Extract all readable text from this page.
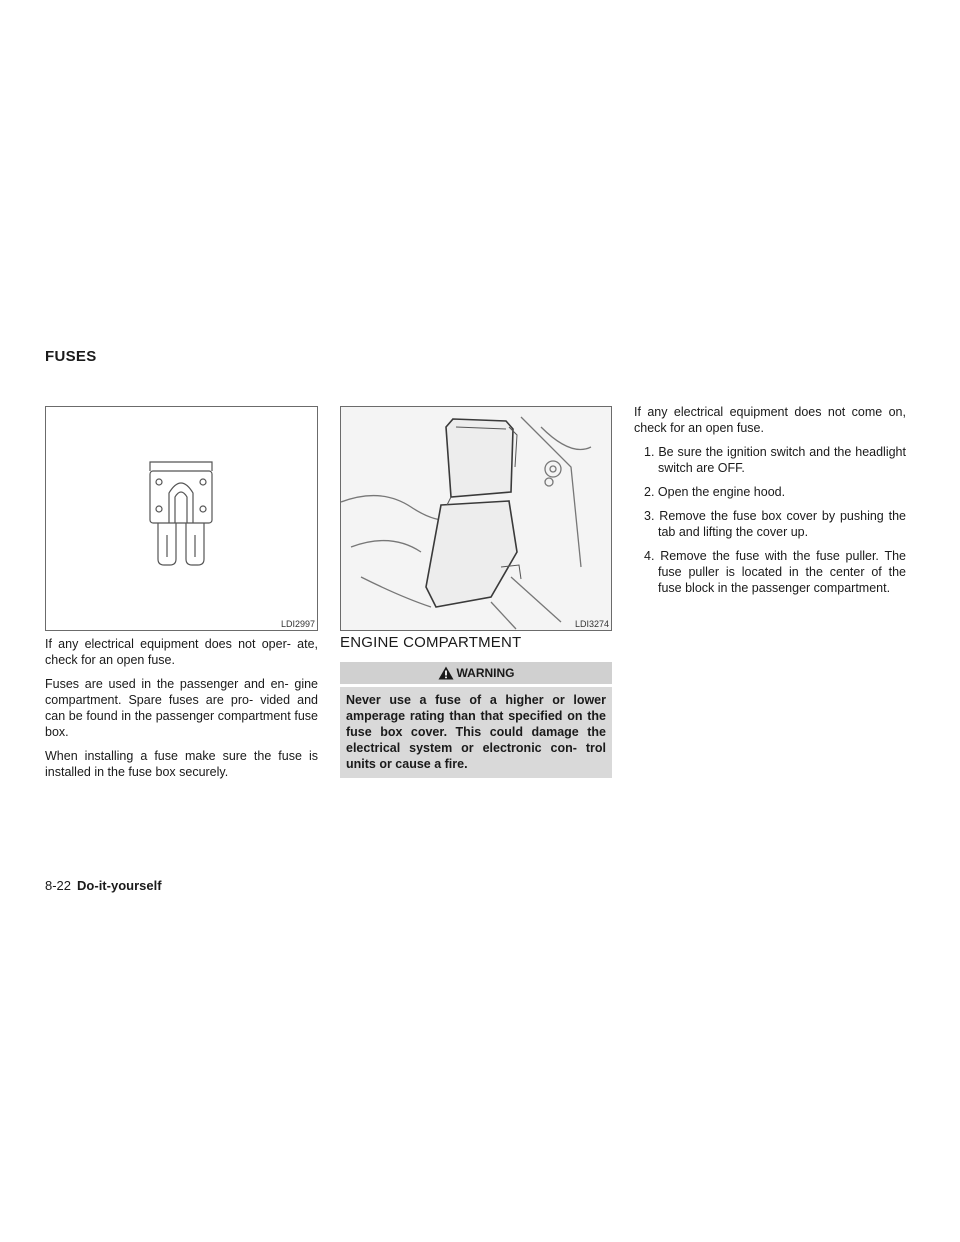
FUSES
LDI2997	LDI3274

If any electrical equipment does not oper- ate, check for an open fuse.

Fuses are used in the passenger and en- gine compartment. Spare fuses are pro- vided and can be found in the passenger compartment fuse box.

When installing a fuse make sure the fuse is installed in the fuse box securely.

ENGINE COMPARTMENT
WARNING
Never use a fuse of a higher or lower amperage rating than that specified on the fuse box cover. This could damage the electrical system or electronic con- trol units or cause a fire.

If any electrical equipment does not come on, check for an open fuse.

1. Be sure the ignition switch and the headlight switch are OFF.
2. Open the engine hood.
3. Remove the fuse box cover by pushing the tab and lifting the cover up.
4. Remove the fuse with the fuse puller. The fuse puller is located in the center of the fuse block in the passenger compartment.
8-22 Do-it-yourself
